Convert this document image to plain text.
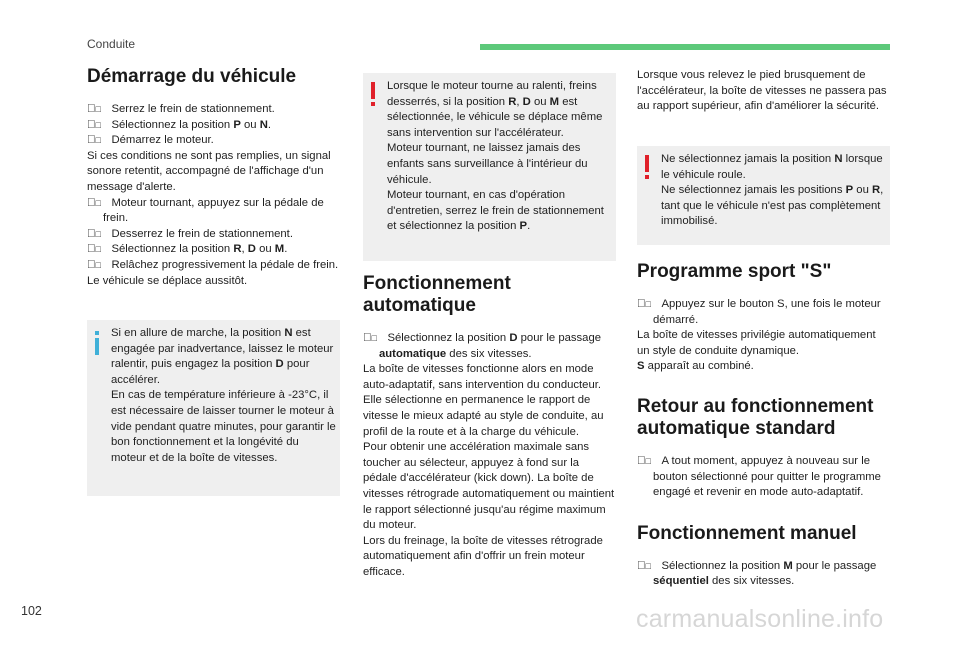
Conduite
Démarrage du véhicule

□ Serrez le frein de stationnement.

□ Sélectionnez la position P ou N.

□ Démarrez le moteur.

Si ces conditions ne sont pas remplies, un signal sonore retentit, accompagné de l'affichage d'un message d'alerte.

□ Moteur tournant, appuyez sur la pédale de frein.

□ Desserrez le frein de stationnement.

□ Sélectionnez la position R, D ou M.

□ Relâchez progressivement la pédale de frein.

Le véhicule se déplace aussitôt.

Si en allure de marche, la position N est engagée par inadvertance, laissez le moteur ralentir, puis engagez la position D pour accélérer.

En cas de température inférieure à -23°C, il est nécessaire de laisser tourner le moteur à vide pendant quatre minutes, pour garantir le bon fonctionnement et la longévité du moteur et de la boîte de vitesses.

Lorsque le moteur tourne au ralenti, freins desserrés, si la position R, D ou M est sélectionnée, le véhicule se déplace même sans intervention sur l'accélérateur.

Moteur tournant, ne laissez jamais des enfants sans surveillance à l'intérieur du véhicule.

Moteur tournant, en cas d'opération d'entretien, serrez le frein de stationnement et sélectionnez la position P.

Fonctionnement automatique

□ Sélectionnez la position D pour le passage automatique des six vitesses.

La boîte de vitesses fonctionne alors en mode auto-adaptatif, sans intervention du conducteur. Elle sélectionne en permanence le rapport de vitesse le mieux adapté au style de conduite, au profil de la route et à la charge du véhicule.

Pour obtenir une accélération maximale sans toucher au sélecteur, appuyez à fond sur la pédale d'accélérateur (kick down). La boîte de vitesses rétrograde automatiquement ou maintient le rapport sélectionné jusqu'au régime maximum du moteur.

Lors du freinage, la boîte de vitesses rétrograde automatiquement afin d'offrir un frein moteur efficace.

Lorsque vous relevez le pied brusquement de l'accélérateur, la boîte de vitesses ne passera pas au rapport supérieur, afin d'améliorer la sécurité.

Ne sélectionnez jamais la position N lorsque le véhicule roule.

Ne sélectionnez jamais les positions P ou R, tant que le véhicule n'est pas complètement immobilisé.

Programme sport "S"

□ Appuyez sur le bouton S, une fois le moteur démarré.

La boîte de vitesses privilégie automatiquement un style de conduite dynamique.

S apparaît au combiné.

Retour au fonctionnement automatique standard

□ A tout moment, appuyez à nouveau sur le bouton sélectionné pour quitter le programme engagé et revenir en mode auto-adaptatif.

Fonctionnement manuel

□ Sélectionnez la position M pour le passage séquentiel des six vitesses.

102	carmanualsonline.info
